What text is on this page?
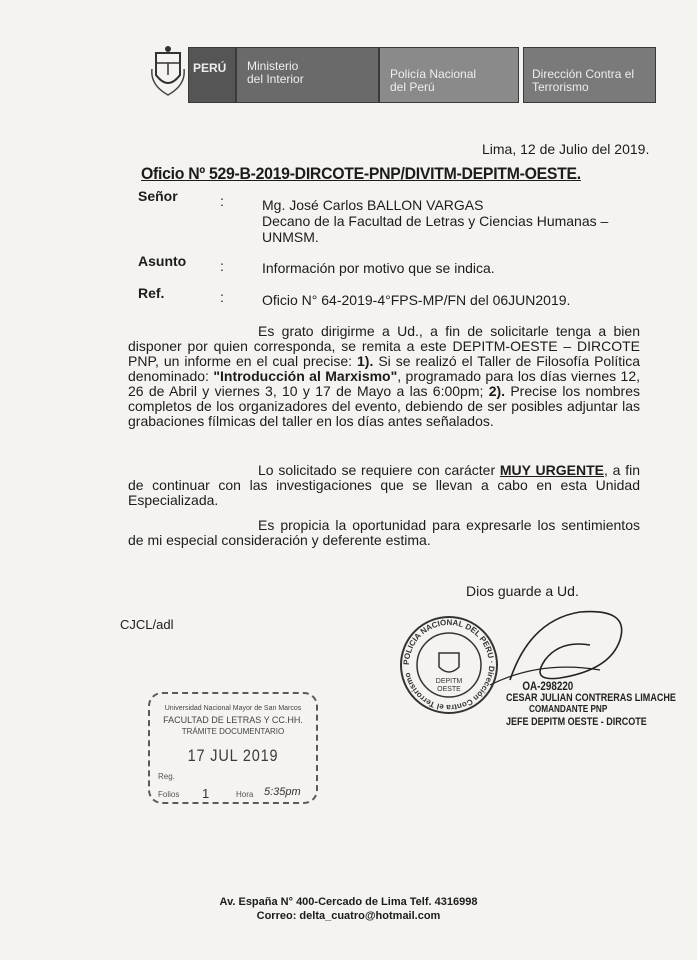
PERÚ	Ministerio
del Interior	Policía Nacional
del Perú
Dirección Contra el
Terrorismo
Lima, 12 de Julio del 2019.
Oficio Nº 529-B-2019-DIRCOTE-PNP/DIVITM-DEPITM-OESTE.
Señor	:	Mg. José Carlos BALLON VARGAS
Decano de la Facultad de Letras y Ciencias Humanas –
UNMSM.
Asunto :	Información por motivo que se indica.
Ref.	:	Oficio N° 64-2019-4°FPS-MP/FN del 06JUN2019.
Es grato dirigirme a Ud., a fin de solicitarle tenga a bien disponer por quien corresponda, se remita a este DEPITM-OESTE – DIRCOTE PNP, un informe en el cual precise: 1). Si se realizó el Taller de Filosofía Política denominado: "Introducción al Marxismo", programado para los días viernes 12, 26 de Abril y viernes 3, 10 y 17 de Mayo a las 6:00pm; 2). Precise los nombres completos de los organizadores del evento, debiendo de ser posibles adjuntar las grabaciones fílmicas del taller en los días antes señalados.
Lo solicitado se requiere con carácter MUY URGENTE, a fin de continuar con las investigaciones que se llevan a cabo en esta Unidad Especializada.
Es propicia la oportunidad para expresarle los sentimientos de mi especial consideración y deferente estima.
Dios guarde a Ud.
CJCL/adl
Universidad Nacional Mayor de San Marcos
FACULTAD DE LETRAS Y CC.HH.
TRÁMITE DOCUMENTARIO
17 JUL 2019
Reg.
Folios 1	Hora 5:35pm
POLICIA NACIONAL DEL PERU · Dirección Contra el Terrorismo
DEPITM
OESTE	OA-298220
CESAR JULIAN CONTRERAS LIMACHE
COMANDANTE PNP
JEFE DEPITM OESTE - DIRCOTE
Av. España N° 400-Cercado de Lima Telf. 4316998
Correo: delta_cuatro@hotmail.com
